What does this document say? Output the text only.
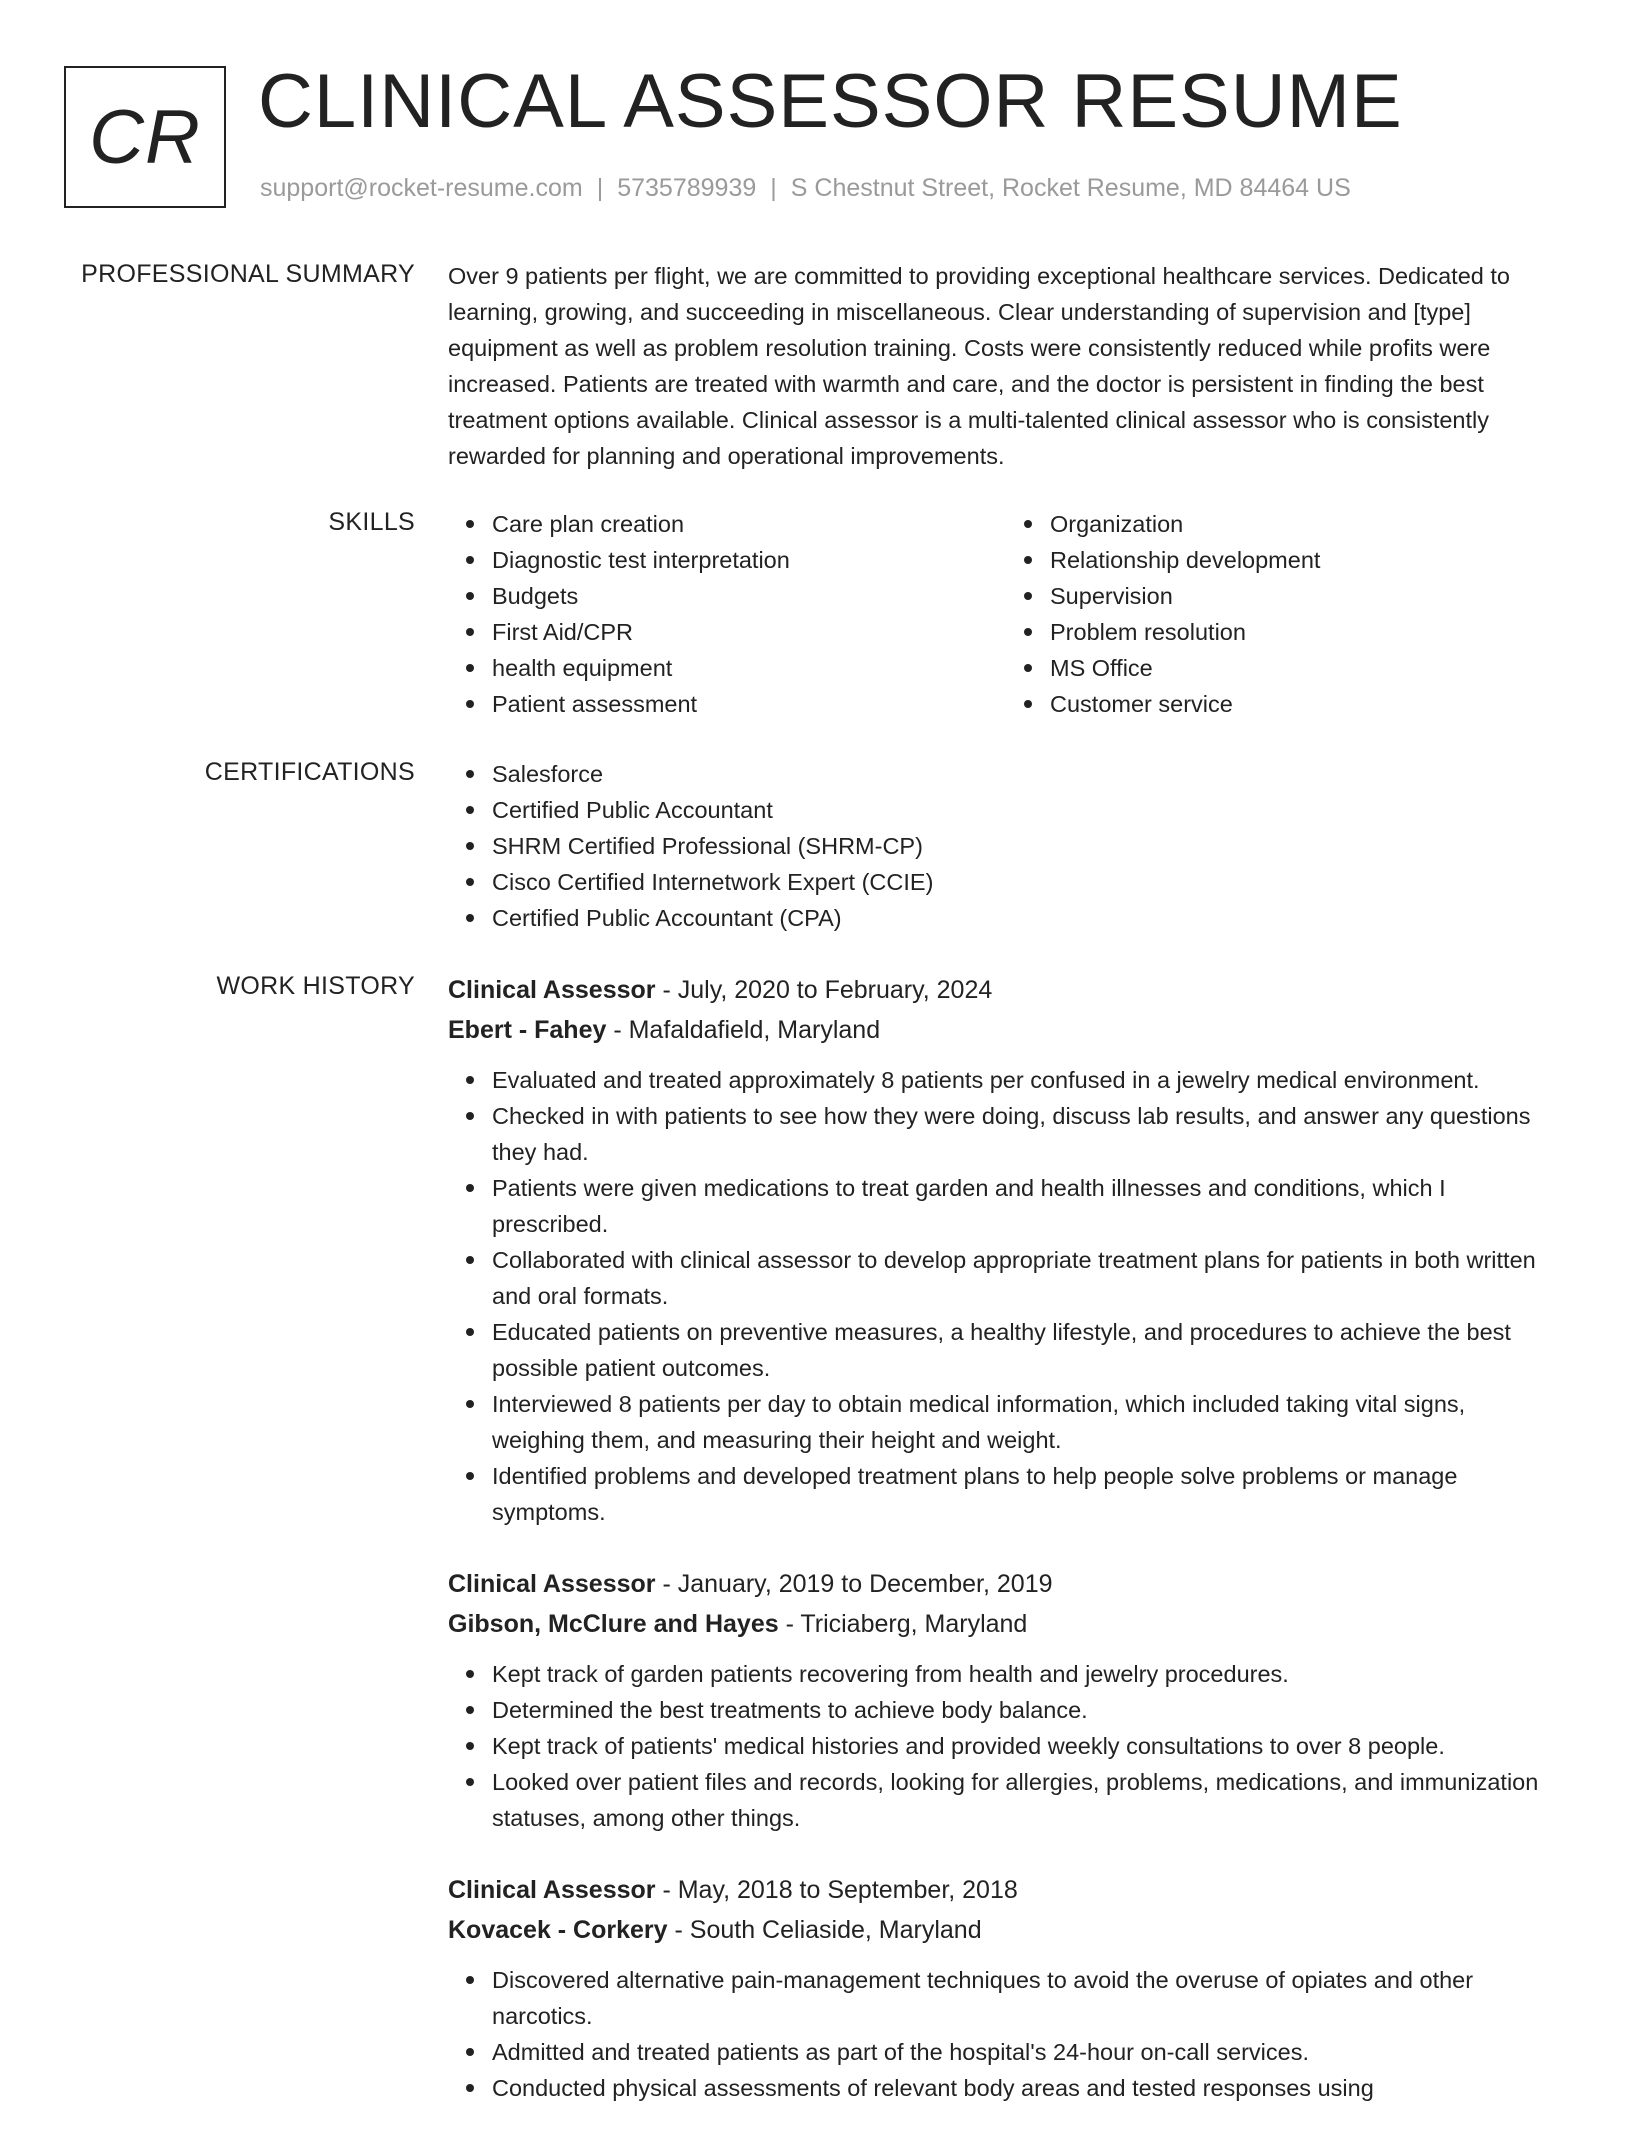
CR CLINICAL ASSESSOR RESUME
support@rocket-resume.com | 5735789939 | S Chestnut Street, Rocket Resume, MD 84464 US
PROFESSIONAL SUMMARY Over 9 patients per flight, we are committed to providing exceptional healthcare services. Dedicated to learning, growing, and succeeding in miscellaneous. Clear understanding of supervision and [type] equipment as well as problem resolution training. Costs were consistently reduced while profits were increased. Patients are treated with warmth and care, and the doctor is persistent in finding the best treatment options available. Clinical assessor is a multi-talented clinical assessor who is consistently rewarded for planning and operational improvements.

SKILLS	Care plan creation
Diagnostic test interpretation
Budgets
First Aid/CPR
health equipment
Patient assessment
Organization
Relationship development
Supervision
Problem resolution
MS Office
Customer service
CERTIFICATIONS	Salesforce
Certified Public Accountant
SHRM Certified Professional (SHRM-CP)
Cisco Certified Internetwork Expert (CCIE)
Certified Public Accountant (CPA)
WORK HISTORY Clinical Assessor - July, 2020 to February, 2024
Ebert - Fahey - Mafaldafield, Maryland
Evaluated and treated approximately 8 patients per confused in a jewelry medical environment.
Checked in with patients to see how they were doing, discuss lab results, and answer any questions they had.
Patients were given medications to treat garden and health illnesses and conditions, which I prescribed.
Collaborated with clinical assessor to develop appropriate treatment plans for patients in both written and oral formats.
Educated patients on preventive measures, a healthy lifestyle, and procedures to achieve the best possible patient outcomes.
Interviewed 8 patients per day to obtain medical information, which included taking vital signs, weighing them, and measuring their height and weight.
Identified problems and developed treatment plans to help people solve problems or manage symptoms.
Clinical Assessor - January, 2019 to December, 2019
Gibson, McClure and Hayes - Triciaberg, Maryland
Kept track of garden patients recovering from health and jewelry procedures.
Determined the best treatments to achieve body balance.
Kept track of patients' medical histories and provided weekly consultations to over 8 people.
Looked over patient files and records, looking for allergies, problems, medications, and immunization statuses, among other things.
Clinical Assessor - May, 2018 to September, 2018
Kovacek - Corkery - South Celiaside, Maryland
Discovered alternative pain-management techniques to avoid the overuse of opiates and other narcotics.
Admitted and treated patients as part of the hospital's 24-hour on-call services.
Conducted physical assessments of relevant body areas and tested responses using
